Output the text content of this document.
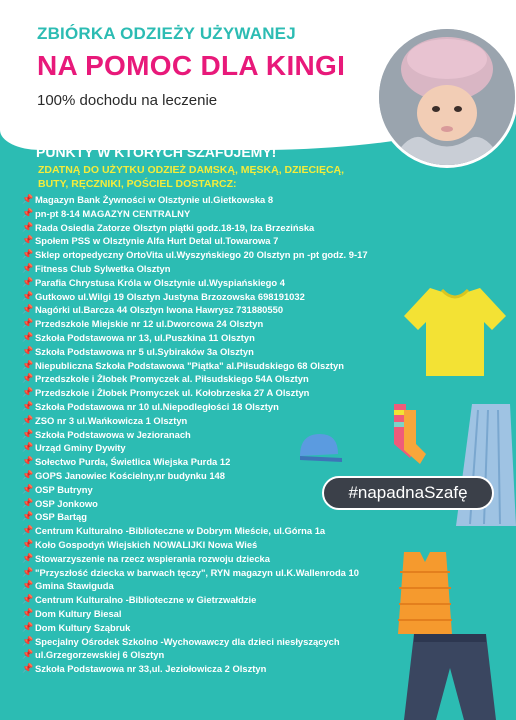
ZBIÓRKA ODZIEŻY UŻYWANEJ
NA POMOC DLA KINGI
100% dochodu na leczenie
PUNKTY W KTÓRYCH SZAFUJEMY!
ZDATNĄ DO UŻYTKU ODZIEŻ DAMSKĄ, MĘSKĄ, DZIECIĘCĄ, BUTY, RĘCZNIKI, POŚCIEL DOSTARCZ:
📌 Magazyn Bank Żywności w Olsztynie ul.Gietkowska 8
📌 pn-pt 8-14 MAGAZYN CENTRALNY
📌 Rada Osiedla Zatorze Olsztyn piątki godz.18-19, Iza Brzezińska
📌 Społem PSS w Olsztynie Alfa Hurt Detal ul.Towarowa 7
📌 Sklep ortopedyczny OrtoVita ul.Wyszyńskiego 20 Olsztyn pn -pt godz. 9-17
📌 Fitness Club Sylwetka Olsztyn
📌 Parafia Chrystusa Króla w Olsztynie ul.Wyspiańskiego 4
📌 Gutkowo ul.Wilgi 19 Olsztyn Justyna Brzozowska 698191032
📌 Nagórki ul.Barcza 44 Olsztyn Iwona Hawrysz 731880550
📌 Przedszkole Miejskie nr 12 ul.Dworcowa 24 Olsztyn
📌 Szkoła Podstawowa nr 13, ul.Puszkina 11 Olsztyn
📌 Szkoła Podstawowa nr 5 ul.Sybiraków 3a Olsztyn
📌 Niepubliczna Szkoła Podstawowa "Piątka" al.Piłsudskiego 68 Olsztyn
📌 Przedszkole i Żłobek Promyczek al. Piłsudskiego 54A Olsztyn
📌 Przedszkole i Żłobek Promyczek ul. Kołobrzeska 27 A Olsztyn
📌 Szkoła Podstawowa nr 10 ul.Niepodległości 18 Olsztyn
📌 ZSO nr 3 ul.Wańkowicza 1 Olsztyn
📌 Szkoła Podstawowa w Jezioranach
📌 Urząd Gminy Dywity
📌 Sołectwo Purda, Świetlica Wiejska Purda 12
📌 GOPS Janowiec Kościelny,nr budynku 148
📌 OSP Butryny
📌 OSP Jonkowo
📌 OSP Bartąg
📌 Centrum Kulturalno -Biblioteczne w Dobrym Mieście, ul.Górna 1a
📌 Koło Gospodyń Wiejskich NOWALIJKI Nowa Wieś
📌 Stowarzyszenie na rzecz wspierania rozwoju dziecka
📌 "Przyszłość dziecka w barwach tęczy", RYN magazyn ul.K.Wallenroda 10
📌 Gmina Stawiguda
📌 Centrum Kulturalno -Biblioteczne w Gietrzwałdzie
📌 Dom Kultury Biesal
📌 Dom Kultury Sząbruk
📌 Specjalny Ośrodek Szkolno -Wychowawczy dla dzieci niesłyszących
📌 ul.Grzegorzewskiej 6 Olsztyn
📌 Szkoła Podstawowa nr 33,ul. Jeziołowicza 2 Olsztyn
#napadnaSzafę
